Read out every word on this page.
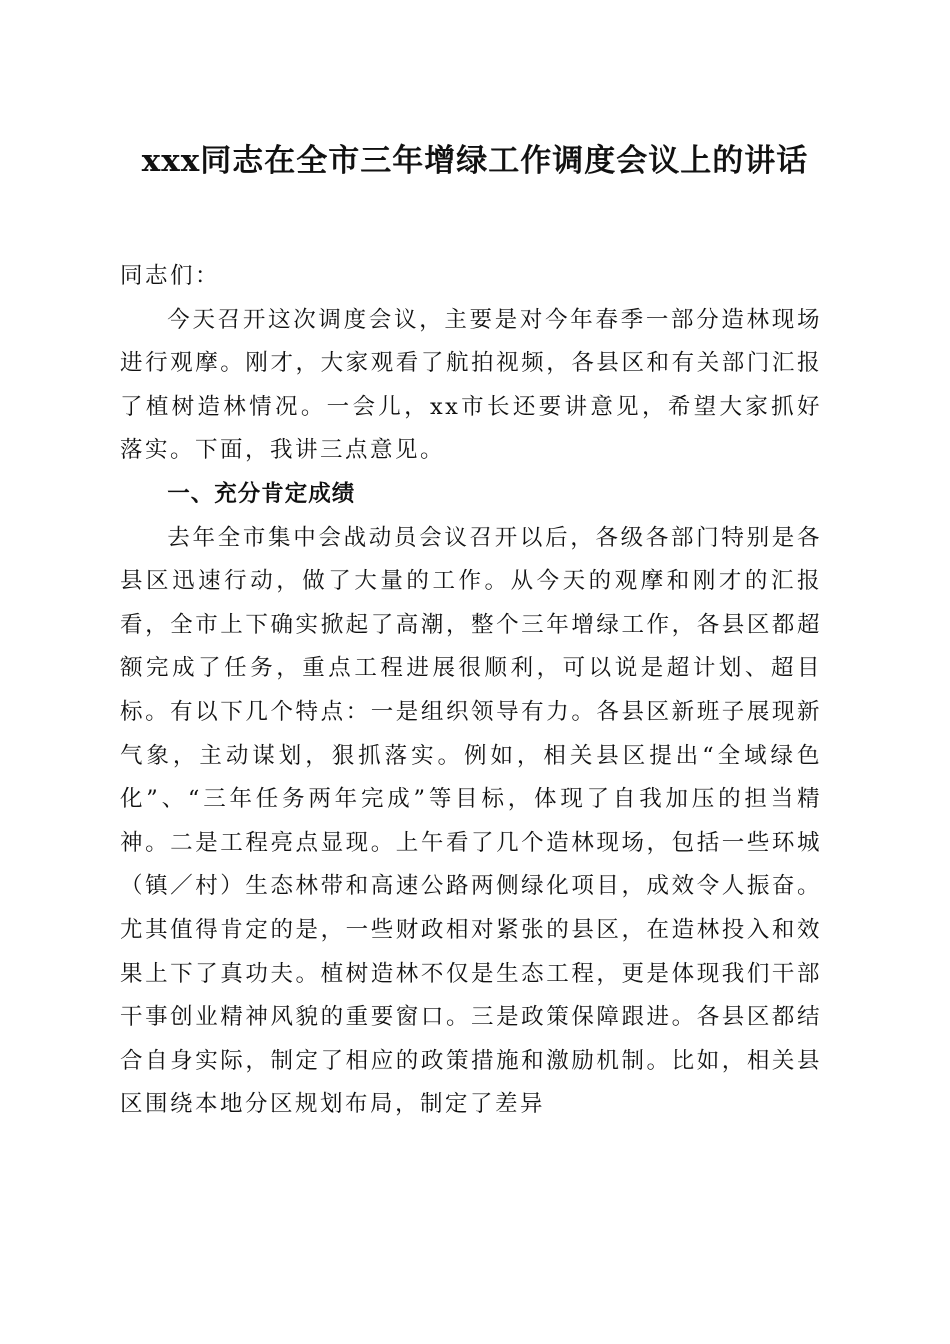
xxx同志在全市三年增绿工作调度会议上的讲话

同志们：

今天召开这次调度会议，主要是对今年春季一部分造林现场进行观摩。刚才，大家观看了航拍视频，各县区和有关部门汇报了植树造林情况。一会儿，xx市长还要讲意见，希望大家抓好落实。下面，我讲三点意见。

一、充分肯定成绩

去年全市集中会战动员会议召开以后，各级各部门特别是各县区迅速行动，做了大量的工作。从今天的观摩和刚才的汇报看，全市上下确实掀起了高潮，整个三年增绿工作，各县区都超额完成了任务，重点工程进展很顺利，可以说是超计划、超目标。有以下几个特点：一是组织领导有力。各县区新班子展现新气象，主动谋划，狠抓落实。例如，相关县区提出“全域绿色化”、“三年任务两年完成”等目标，体现了自我加压的担当精神。二是工程亮点显现。上午看了几个造林现场，包括一些环城（镇／村）生态林带和高速公路两侧绿化项目，成效令人振奋。尤其值得肯定的是，一些财政相对紧张的县区，在造林投入和效果上下了真功夫。植树造林不仅是生态工程，更是体现我们干部干事创业精神风貌的重要窗口。三是政策保障跟进。各县区都结合自身实际，制定了相应的政策措施和激励机制。比如，相关县区围绕本地分区规划布局，制定了差异
